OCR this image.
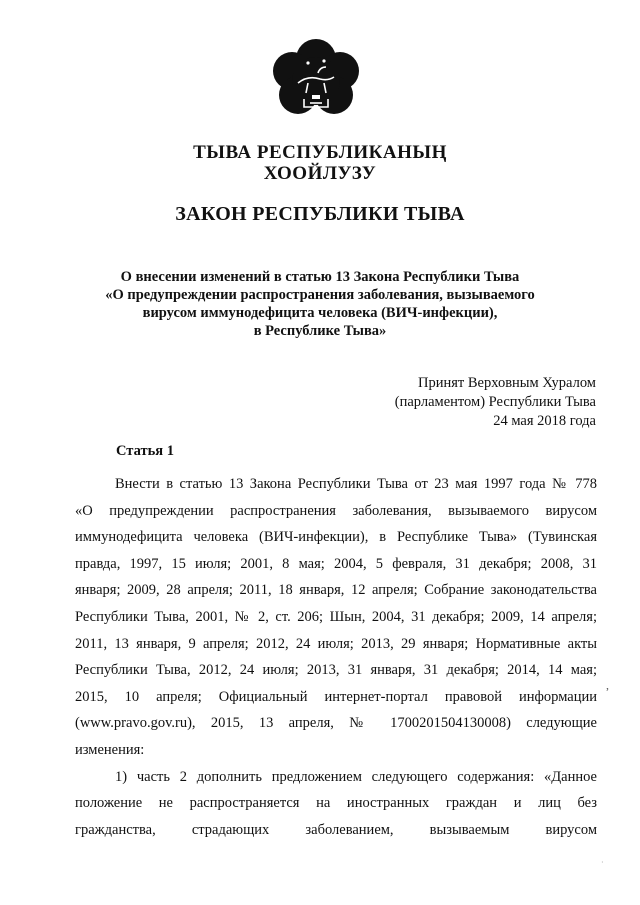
ТЫВА РЕСПУБЛИКАНЫҢ
ХООЙЛУЗУ
ЗАКОН РЕСПУБЛИКИ ТЫВА
О внесении изменений в статью 13 Закона Республики Тыва
«О предупреждении распространения заболевания, вызываемого
вирусом иммунодефицита человека (ВИЧ-инфекции),
в Республике Тыва»
Принят Верховным Хуралом
(парламентом) Республики Тыва
24 мая 2018 года
Статья 1
Внести в статью 13 Закона Республики Тыва от 23 мая 1997 года № 778
«О предупреждении распространения заболевания, вызываемого вирусом
иммунодефицита человека (ВИЧ-инфекции), в Республике Тыва» (Тувинская
правда, 1997, 15 июля; 2001, 8 мая; 2004, 5 февраля, 31 декабря; 2008, 31
января; 2009, 28 апреля; 2011, 18 января, 12 апреля; Собрание законодательства
Республики Тыва, 2001, № 2, ст. 206; Шын, 2004, 31 декабря; 2009, 14 апреля;
2011, 13 января, 9 апреля; 2012, 24 июля; 2013, 29 января; Нормативные акты
Республики Тыва, 2012, 24 июля; 2013, 31 января, 31 декабря; 2014, 14 мая;
2015, 10 апреля; Официальный интернет-портал правовой информации
(www.pravo.gov.ru), 2015, 13 апреля, № 1700201504130008) следующие
изменения:
1) часть 2 дополнить предложением следующего содержания: «Данное
положение не распространяется на иностранных граждан и лиц без
гражданства, страдающих заболеванием, вызываемым вирусом
,
·
